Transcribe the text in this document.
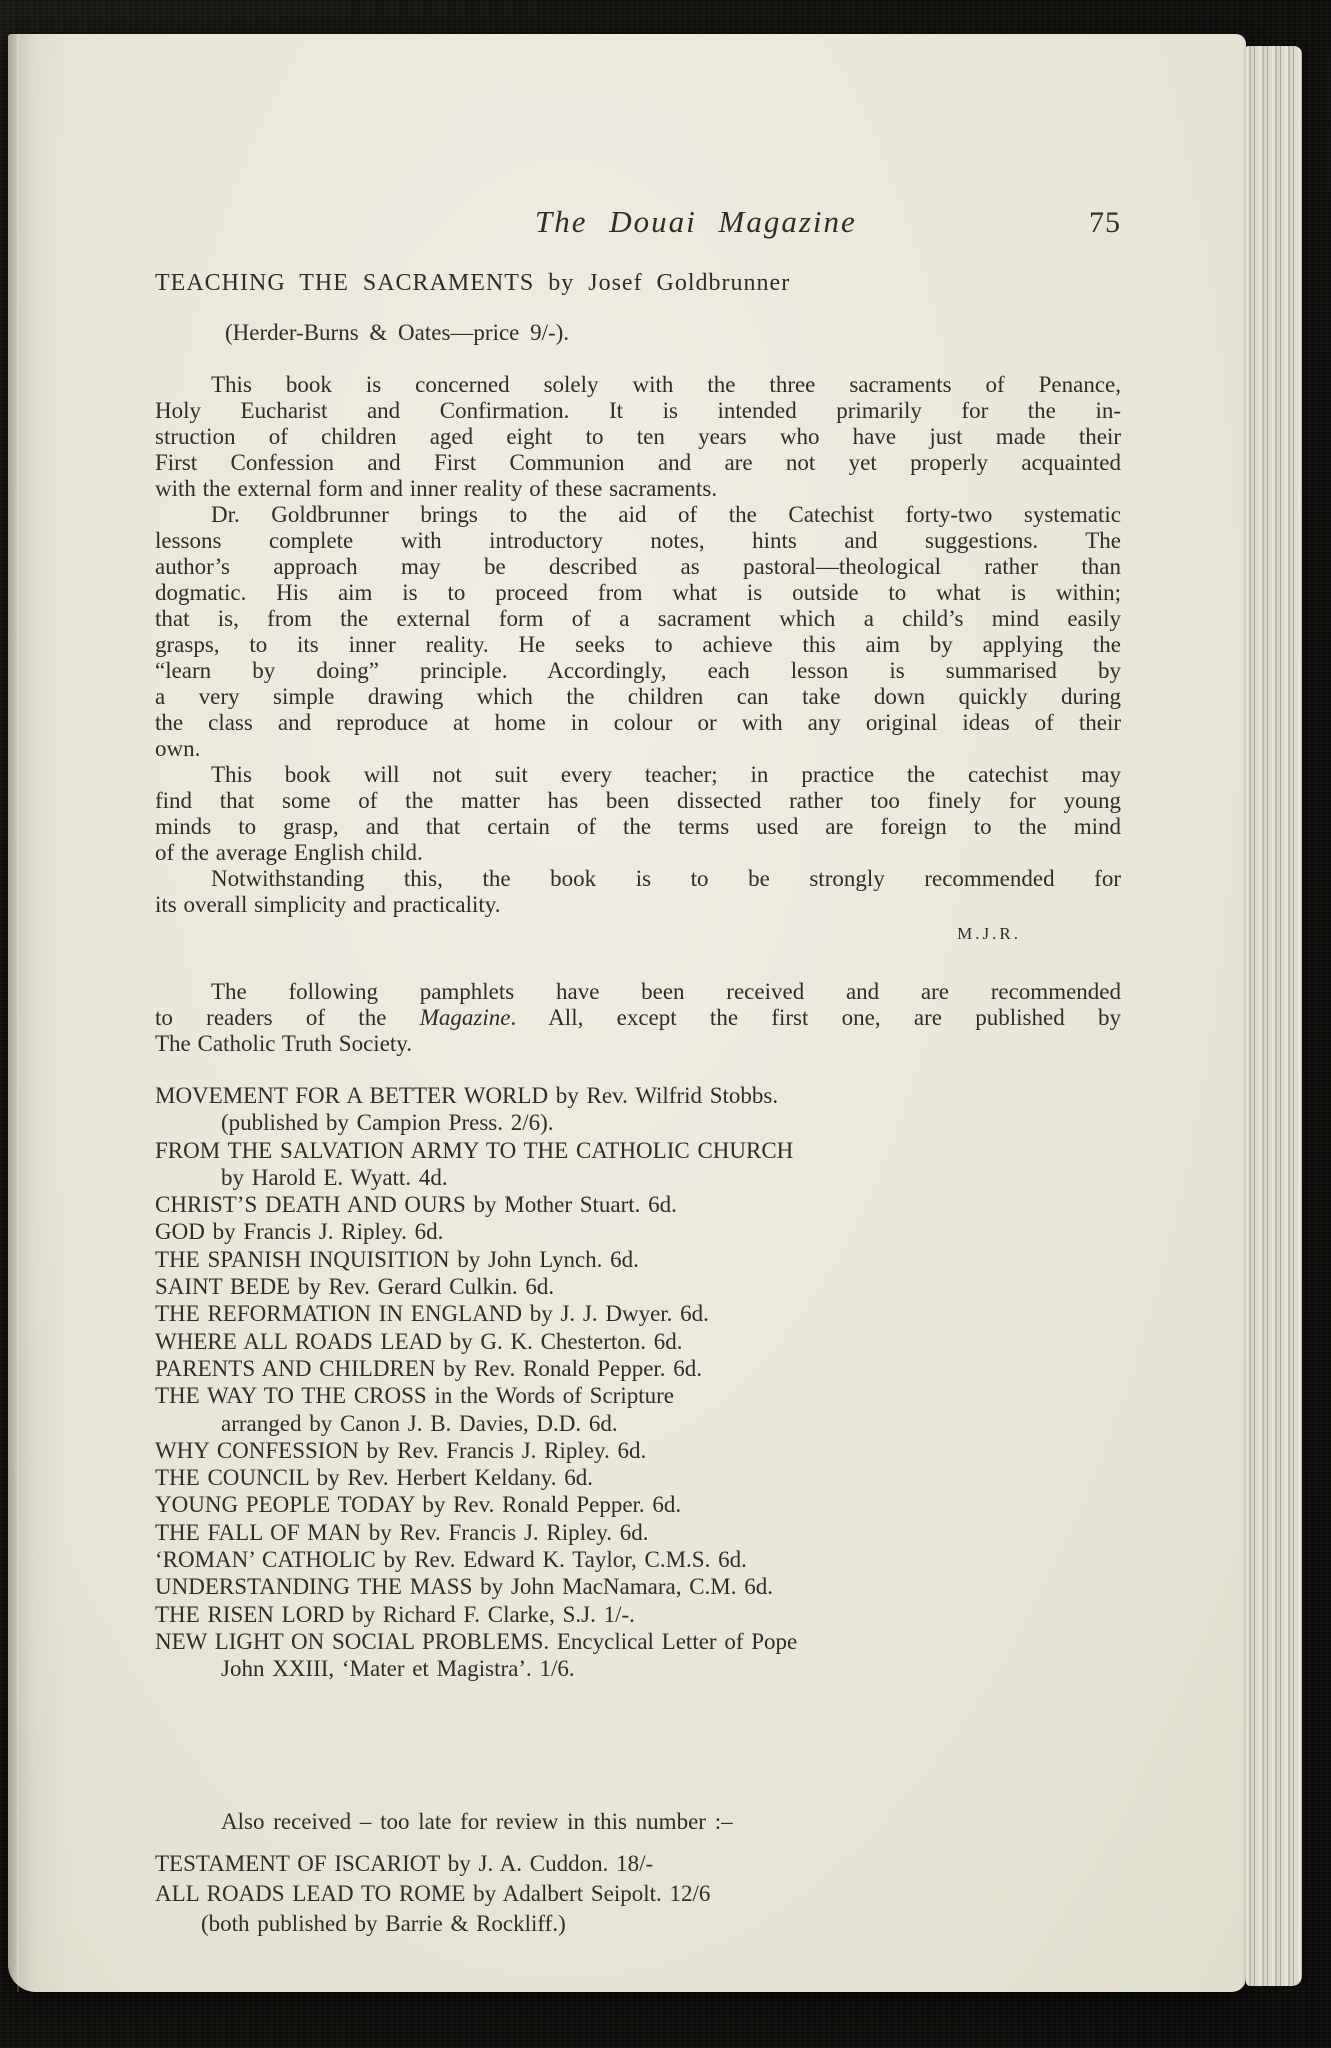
The Douai Magazine	75
TEACHING THE SACRAMENTS by Josef Goldbrunner
(Herder-Burns & Oates—price 9/-).
This book is concerned solely with the three sacraments of Penance,
Holy Eucharist and Confirmation. It is intended primarily for the in-
struction of children aged eight to ten years who have just made their
First Confession and First Communion and are not yet properly acquainted
with the external form and inner reality of these sacraments.
Dr. Goldbrunner brings to the aid of the Catechist forty-two systematic
lessons complete with introductory notes, hints and suggestions. The
author’s approach may be described as pastoral—theological rather than
dogmatic. His aim is to proceed from what is outside to what is within;
that is, from the external form of a sacrament which a child’s mind easily
grasps, to its inner reality. He seeks to achieve this aim by applying the
“learn by doing” principle. Accordingly, each lesson is summarised by
a very simple drawing which the children can take down quickly during
the class and reproduce at home in colour or with any original ideas of their
own.
This book will not suit every teacher; in practice the catechist may
find that some of the matter has been dissected rather too finely for young
minds to grasp, and that certain of the terms used are foreign to the mind
of the average English child.
Notwithstanding this, the book is to be strongly recommended for
its overall simplicity and practicality.
M.J.R.
The following pamphlets have been received and are recommended
to readers of the Magazine. All, except the first one, are published by
The Catholic Truth Society.
MOVEMENT FOR A BETTER WORLD by Rev. Wilfrid Stobbs.
(published by Campion Press. 2/6).
FROM THE SALVATION ARMY TO THE CATHOLIC CHURCH
by Harold E. Wyatt. 4d.
CHRIST’S DEATH AND OURS by Mother Stuart. 6d.
GOD by Francis J. Ripley. 6d.
THE SPANISH INQUISITION by John Lynch. 6d.
SAINT BEDE by Rev. Gerard Culkin. 6d.
THE REFORMATION IN ENGLAND by J. J. Dwyer. 6d.
WHERE ALL ROADS LEAD by G. K. Chesterton. 6d.
PARENTS AND CHILDREN by Rev. Ronald Pepper. 6d.
THE WAY TO THE CROSS in the Words of Scripture
arranged by Canon J. B. Davies, D.D. 6d.
WHY CONFESSION by Rev. Francis J. Ripley. 6d.
THE COUNCIL by Rev. Herbert Keldany. 6d.
YOUNG PEOPLE TODAY by Rev. Ronald Pepper. 6d.
THE FALL OF MAN by Rev. Francis J. Ripley. 6d.
‘ROMAN’ CATHOLIC by Rev. Edward K. Taylor, C.M.S. 6d.
UNDERSTANDING THE MASS by John MacNamara, C.M. 6d.
THE RISEN LORD by Richard F. Clarke, S.J. 1/-.
NEW LIGHT ON SOCIAL PROBLEMS. Encyclical Letter of Pope
John XXIII, ‘Mater et Magistra’. 1/6.
Also received – too late for review in this number :–
TESTAMENT OF ISCARIOT by J. A. Cuddon. 18/-
ALL ROADS LEAD TO ROME by Adalbert Seipolt. 12/6
(both published by Barrie & Rockliff.)
